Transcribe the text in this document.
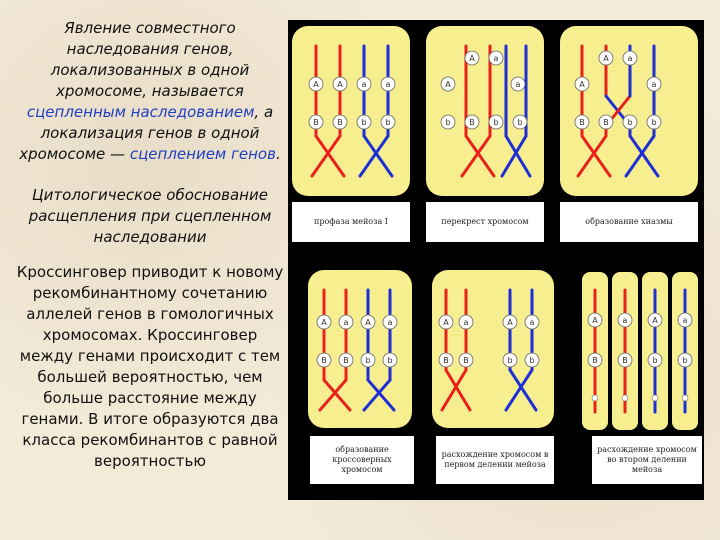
Явление совместного наследования генов, локализованных в одной хромосоме, называется сцепленным наследованием, а локализация генов в одной хромосоме — сцеплением генов.

Цитологическое обоснование расщепления при сцепленном наследовании

Кроссинговер приводит к новому рекомбинантному сочетанию аллелей генов в гомологичных хромосомах. Кроссинговер между генами происходит с тем большей вероятностью, чем больше расстояние между генами. В итоге образуются два класса рекомбинантов с равной вероятностью

A
B
A
B
a
b
a
b
A a
A	a
b B b b
A a
A	a
B B b b
профаза мейоза I	перекрест хромосом	образование хиазмы
A a A a
B B b b
A a	A a
B B	b b
A
B
a
B
A
b
a
b
образование кроссоверных хромосом
расхождение хромосом в первом делении мейоза
расхождение хромосом во втором делении мейоза
